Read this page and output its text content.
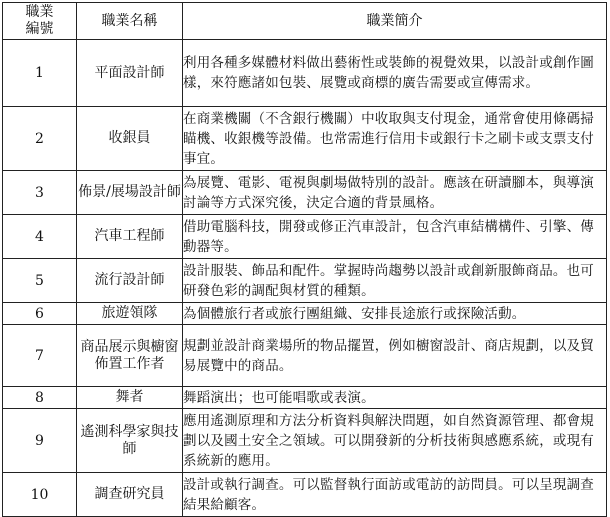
職業
編號	職業名稱	職業簡介
1	平面設計師	利用各種多媒體材料做出藝術性或裝飾的視覺效果，以設計或創作圖樣，來符應諸如包裝、展覽或商標的廣告需要或宣傳需求。
2	收銀員	在商業機關（不含銀行機關）中收取與支付現金，通常會使用條碼掃瞄機、收銀機等設備。也常需進行信用卡或銀行卡之刷卡或支票支付事宜。
3	佈景/展場設計師	為展覽、電影、電視與劇場做特別的設計。應該在研讀腳本，與導演討論等方式深究後，決定合適的背景風格。
4	汽車工程師	借助電腦科技，開發或修正汽車設計，包含汽車結構構件、引擎、傳動器等。
5	流行設計師	設計服裝、飾品和配件。掌握時尚趨勢以設計或創新服飾商品。也可研發色彩的調配與材質的種類。
6	旅遊領隊	為個體旅行者或旅行團組織、安排長途旅行或探險活動。
7	商品展示與櫥窗佈置工作者	規劃並設計商業場所的物品擺置，例如櫥窗設計、商店規劃，以及貿易展覽中的商品。
8	舞者	舞蹈演出；也可能唱歌或表演。
9	遙測科學家與技師	應用遙測原理和方法分析資料與解決問題，如自然資源管理、都會規劃以及國土安全之領域。可以開發新的分析技術與感應系統，或現有系統新的應用。
10	調查研究員	設計或執行調查。可以監督執行面訪或電訪的訪問員。可以呈現調查結果給顧客。
